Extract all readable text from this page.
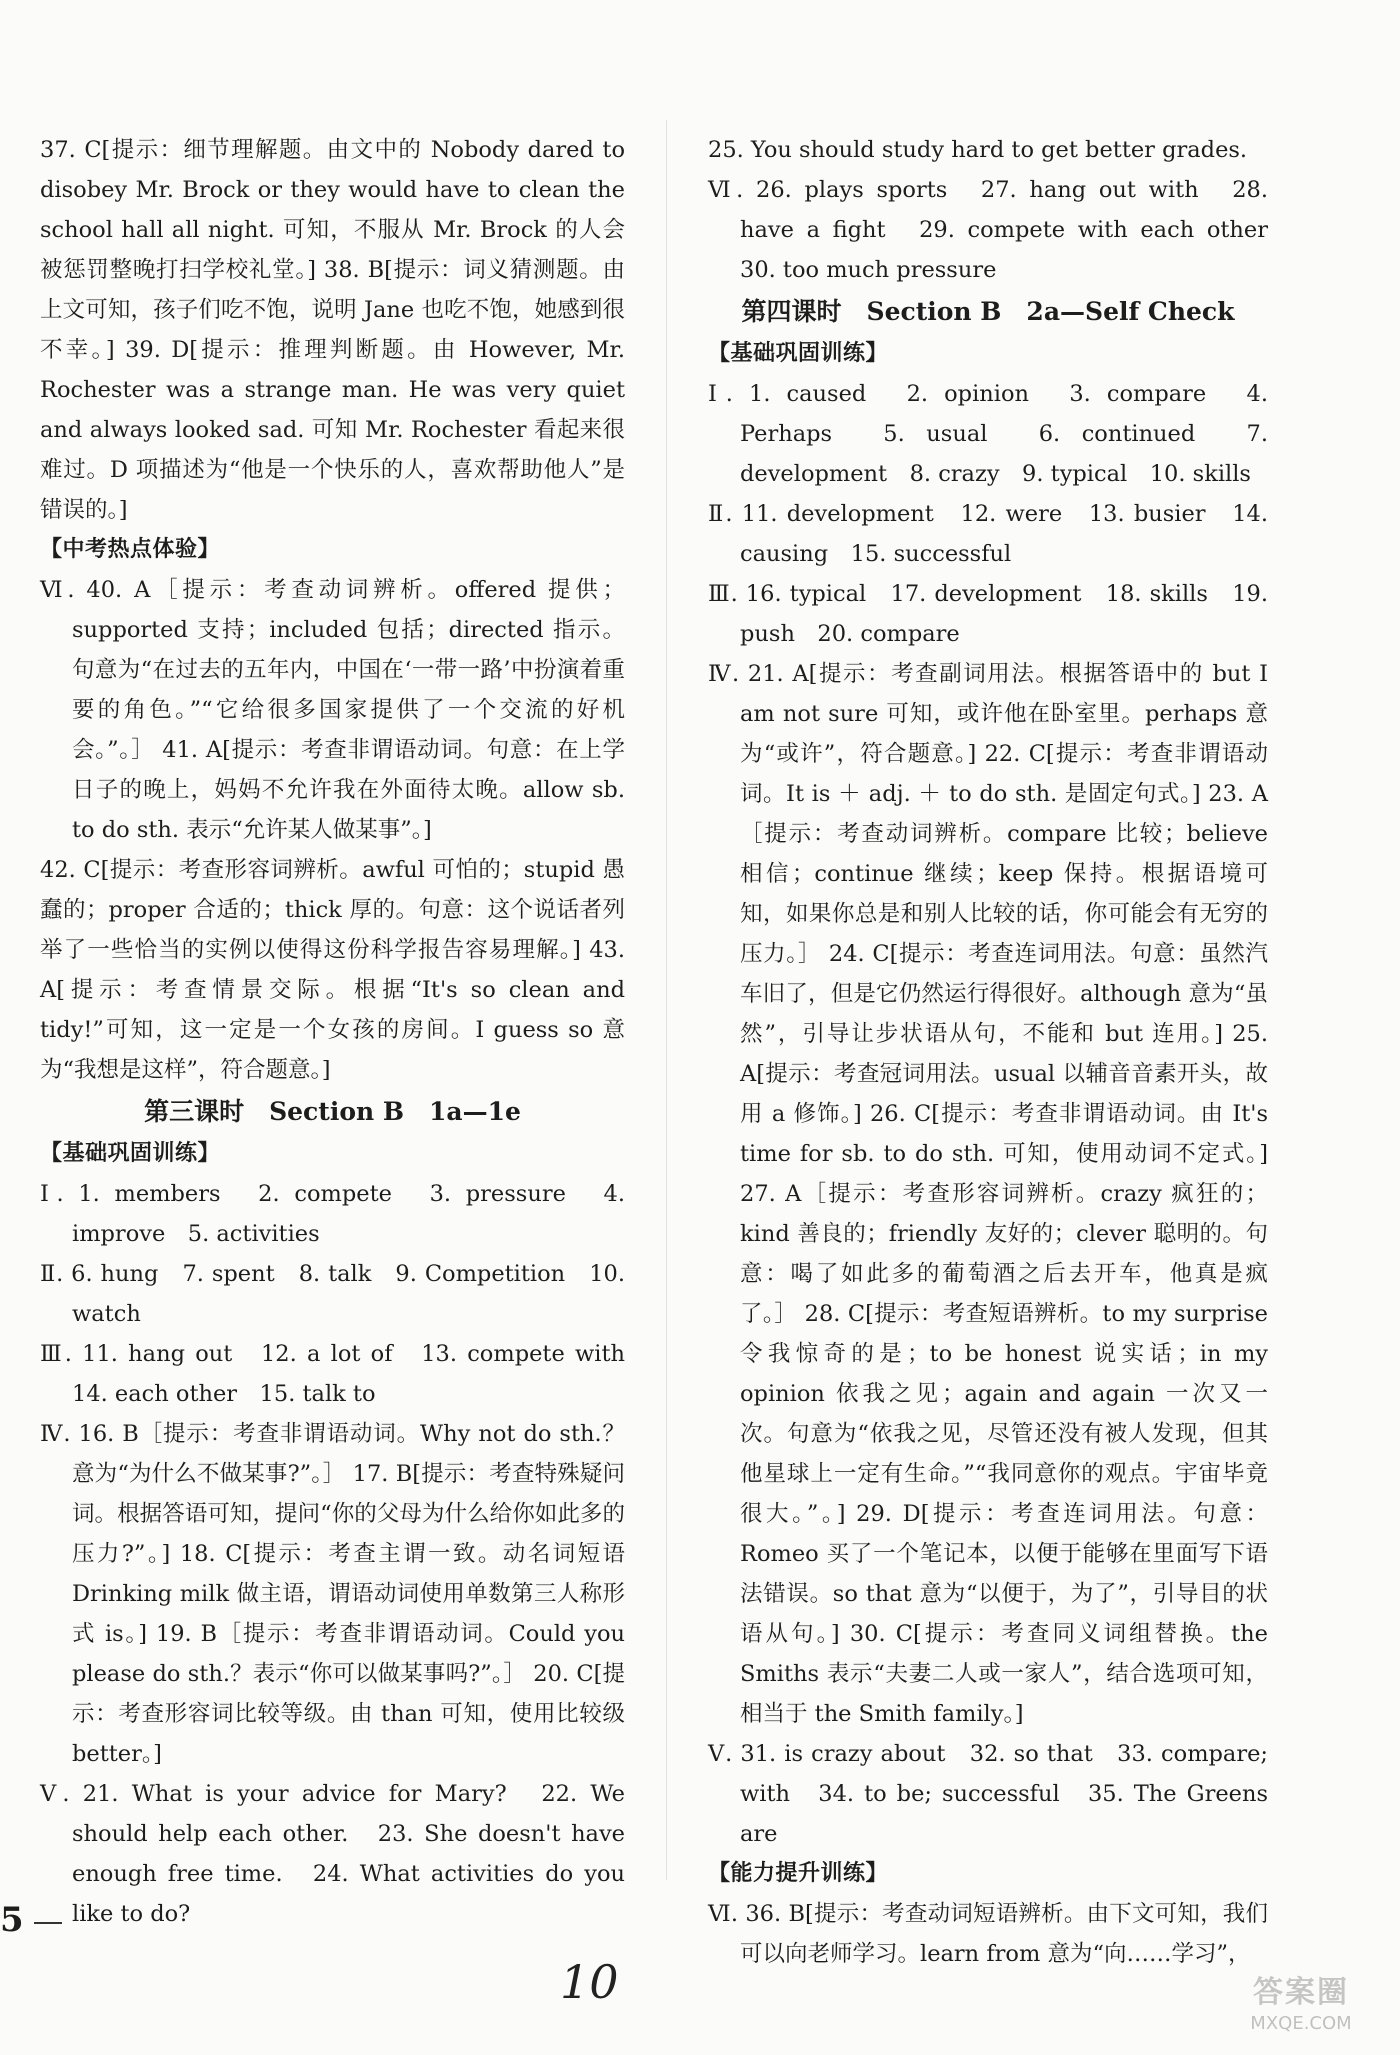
37. C[提示：细节理解题。由文中的 Nobody dared to disobey Mr. Brock or they would have to clean the school hall all night. 可知，不服从 Mr. Brock 的人会被惩罚整晚打扫学校礼堂。] 38. B[提示：词义猜测题。由上文可知，孩子们吃不饱，说明 Jane 也吃不饱，她感到很不幸。] 39. D[提示：推理判断题。由 However, Mr. Rochester was a strange man. He was very quiet and always looked sad. 可知 Mr. Rochester 看起来很难过。D 项描述为“他是一个快乐的人，喜欢帮助他人”是错误的。]

【中考热点体验】

Ⅵ. 40. A［提示：考查动词辨析。offered 提供；supported 支持；included 包括；directed 指示。句意为“在过去的五年内，中国在‘一带一路’中扮演着重要的角色。”“它给很多国家提供了一个交流的好机会。”。］ 41. A[提示：考查非谓语动词。句意：在上学日子的晚上，妈妈不允许我在外面待太晚。allow sb. to do sth. 表示“允许某人做某事”。]

42. C[提示：考查形容词辨析。awful 可怕的；stupid 愚蠢的；proper 合适的；thick 厚的。句意：这个说话者列举了一些恰当的实例以使得这份科学报告容易理解。] 43. A[提示：考查情景交际。根据“It's so clean and tidy!”可知，这一定是一个女孩的房间。I guess so 意为“我想是这样”，符合题意。]

第三课时　Section B　1a—1e
【基础巩固训练】

Ⅰ. 1. members　2. compete　3. pressure　4. improve　5. activities

Ⅱ. 6. hung　7. spent　8. talk　9. Competition　10. watch

Ⅲ. 11. hang out　12. a lot of　13. compete with　14. each other　15. talk to

Ⅳ. 16. B［提示：考查非谓语动词。Why not do sth.？意为“为什么不做某事?”。］ 17. B[提示：考查特殊疑问词。根据答语可知，提问“你的父母为什么给你如此多的压力?”。] 18. C[提示：考查主谓一致。动名词短语 Drinking milk 做主语，谓语动词使用单数第三人称形式 is。] 19. B［提示：考查非谓语动词。Could you please do sth.？表示“你可以做某事吗?”。］ 20. C[提示：考查形容词比较等级。由 than 可知，使用比较级 better。]

Ⅴ. 21. What is your advice for Mary?　22. We should help each other.　23. She doesn't have enough free time.　24. What activities do you like to do?

25. You should study hard to get better grades.

Ⅵ. 26. plays sports　27. hang out with　28. have a fight　29. compete with each other　30. too much pressure

第四课时　Section B　2a—Self Check
【基础巩固训练】

Ⅰ. 1. caused　2. opinion　3. compare　4. Perhaps　5. usual　6. continued　7. development　8. crazy　9. typical　10. skills

Ⅱ. 11. development　12. were　13. busier　14. causing　15. successful

Ⅲ. 16. typical　17. development　18. skills　19. push　20. compare

Ⅳ. 21. A[提示：考查副词用法。根据答语中的 but I am not sure 可知，或许他在卧室里。perhaps 意为“或许”，符合题意。] 22. C[提示：考查非谓语动词。It is ＋ adj. ＋ to do sth. 是固定句式。] 23. A［提示：考查动词辨析。compare 比较；believe 相信；continue 继续；keep 保持。根据语境可知，如果你总是和别人比较的话，你可能会有无穷的压力。］ 24. C[提示：考查连词用法。句意：虽然汽车旧了，但是它仍然运行得很好。although 意为“虽然”，引导让步状语从句，不能和 but 连用。] 25. A[提示：考查冠词用法。usual 以辅音音素开头，故用 a 修饰。] 26. C[提示：考查非谓语动词。由 It's time for sb. to do sth. 可知，使用动词不定式。] 27. A［提示：考查形容词辨析。crazy 疯狂的；kind 善良的；friendly 友好的；clever 聪明的。句意：喝了如此多的葡萄酒之后去开车，他真是疯了。］ 28. C[提示：考查短语辨析。to my surprise 令我惊奇的是；to be honest 说实话；in my opinion 依我之见；again and again 一次又一次。句意为“依我之见，尽管还没有被人发现，但其他星球上一定有生命。”“我同意你的观点。宇宙毕竟很大。”。] 29. D[提示：考查连词用法。句意：Romeo 买了一个笔记本，以便于能够在里面写下语法错误。so that 意为“以便于，为了”，引导目的状语从句。] 30. C[提示：考查同义词组替换。the Smiths 表示“夫妻二人或一家人”，结合选项可知，相当于 the Smith family。]

Ⅴ. 31. is crazy about　32. so that　33. compare; with　34. to be; successful　35. The Greens are

【能力提升训练】

Ⅵ. 36. B[提示：考查动词短语辨析。由下文可知，我们可以向老师学习。learn from 意为“向……学习”，

5
10	答案圈
MXQE.COM
